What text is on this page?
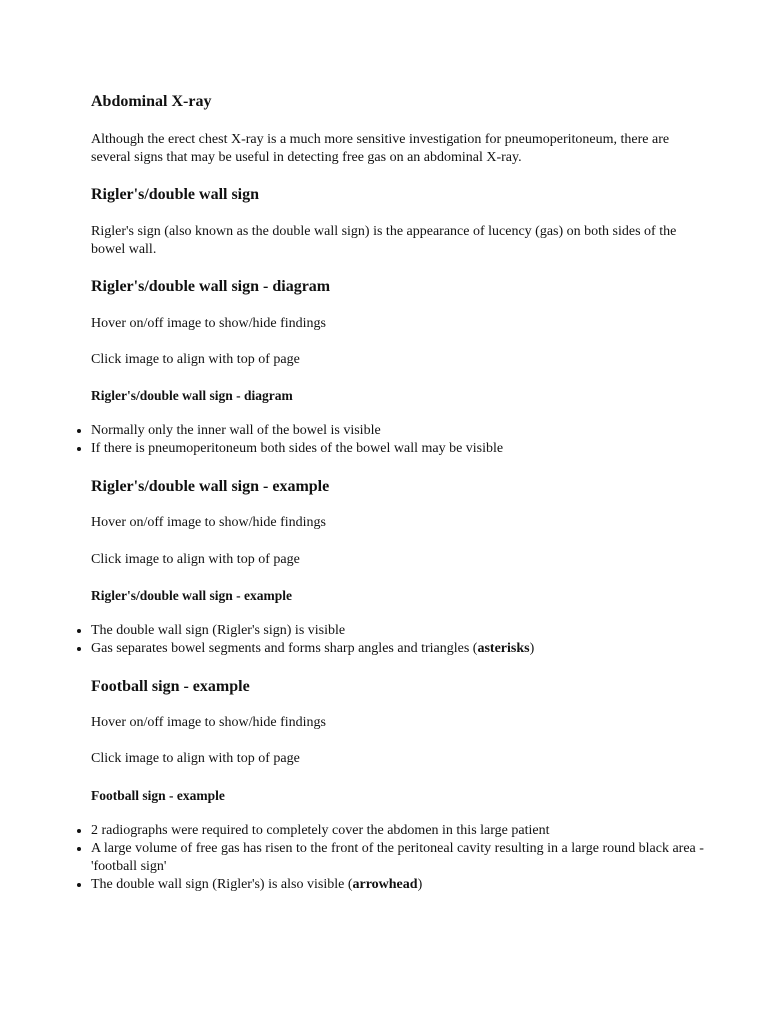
Abdominal X-ray

Although the erect chest X-ray is a much more sensitive investigation for pneumoperitoneum, there are several signs that may be useful in detecting free gas on an abdominal X-ray.

Rigler's/double wall sign

Rigler's sign (also known as the double wall sign) is the appearance of lucency (gas) on both sides of the bowel wall.

Rigler's/double wall sign - diagram

Hover on/off image to show/hide findings

Click image to align with top of page

Rigler's/double wall sign - diagram
• Normally only the inner wall of the bowel is visible
• If there is pneumoperitoneum both sides of the bowel wall may be visible
Rigler's/double wall sign - example

Hover on/off image to show/hide findings

Click image to align with top of page

Rigler's/double wall sign - example
• The double wall sign (Rigler's sign) is visible
• Gas separates bowel segments and forms sharp angles and triangles (asterisks)
Football sign - example

Hover on/off image to show/hide findings

Click image to align with top of page

Football sign - example
• 2 radiographs were required to completely cover the abdomen in this large patient
• A large volume of free gas has risen to the front of the peritoneal cavity resulting in a large round black area - 'football sign'
• The double wall sign (Rigler's) is also visible (arrowhead)
